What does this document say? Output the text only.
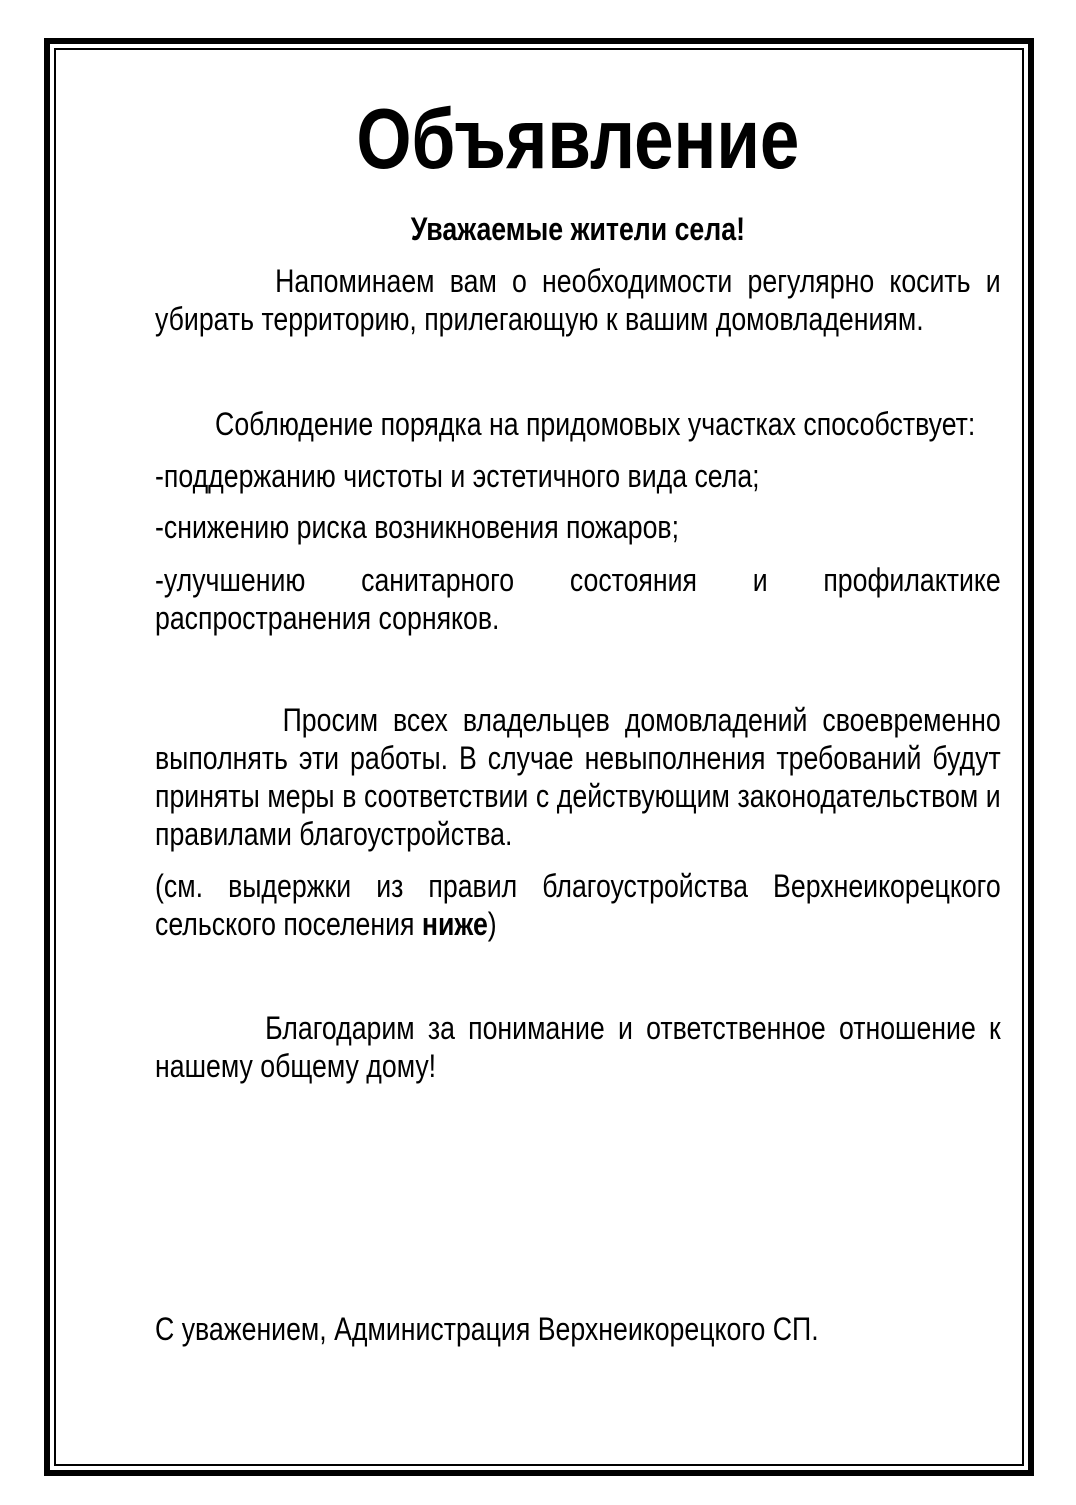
Объявление

Уважаемые жители села!

Напоминаем вам о необходимости регулярно косить и убирать территорию, прилегающую к вашим домовладениям.

Соблюдение порядка на придомовых участках способствует:

-поддержанию чистоты и эстетичного вида села;

-снижению риска возникновения пожаров;

-улучшению санитарного состояния и профилактике распространения сорняков.

Просим всех владельцев домовладений своевременно выполнять эти работы. В случае невыполнения требований будут приняты меры в соответствии с действующим законодательством и правилами благоустройства.

(см. выдержки из правил благоустройства Верхнеикорецкого сельского поселения ниже)

Благодарим за понимание и ответственное отношение к нашему общему дому!

С уважением, Администрация Верхнеикорецкого СП.
